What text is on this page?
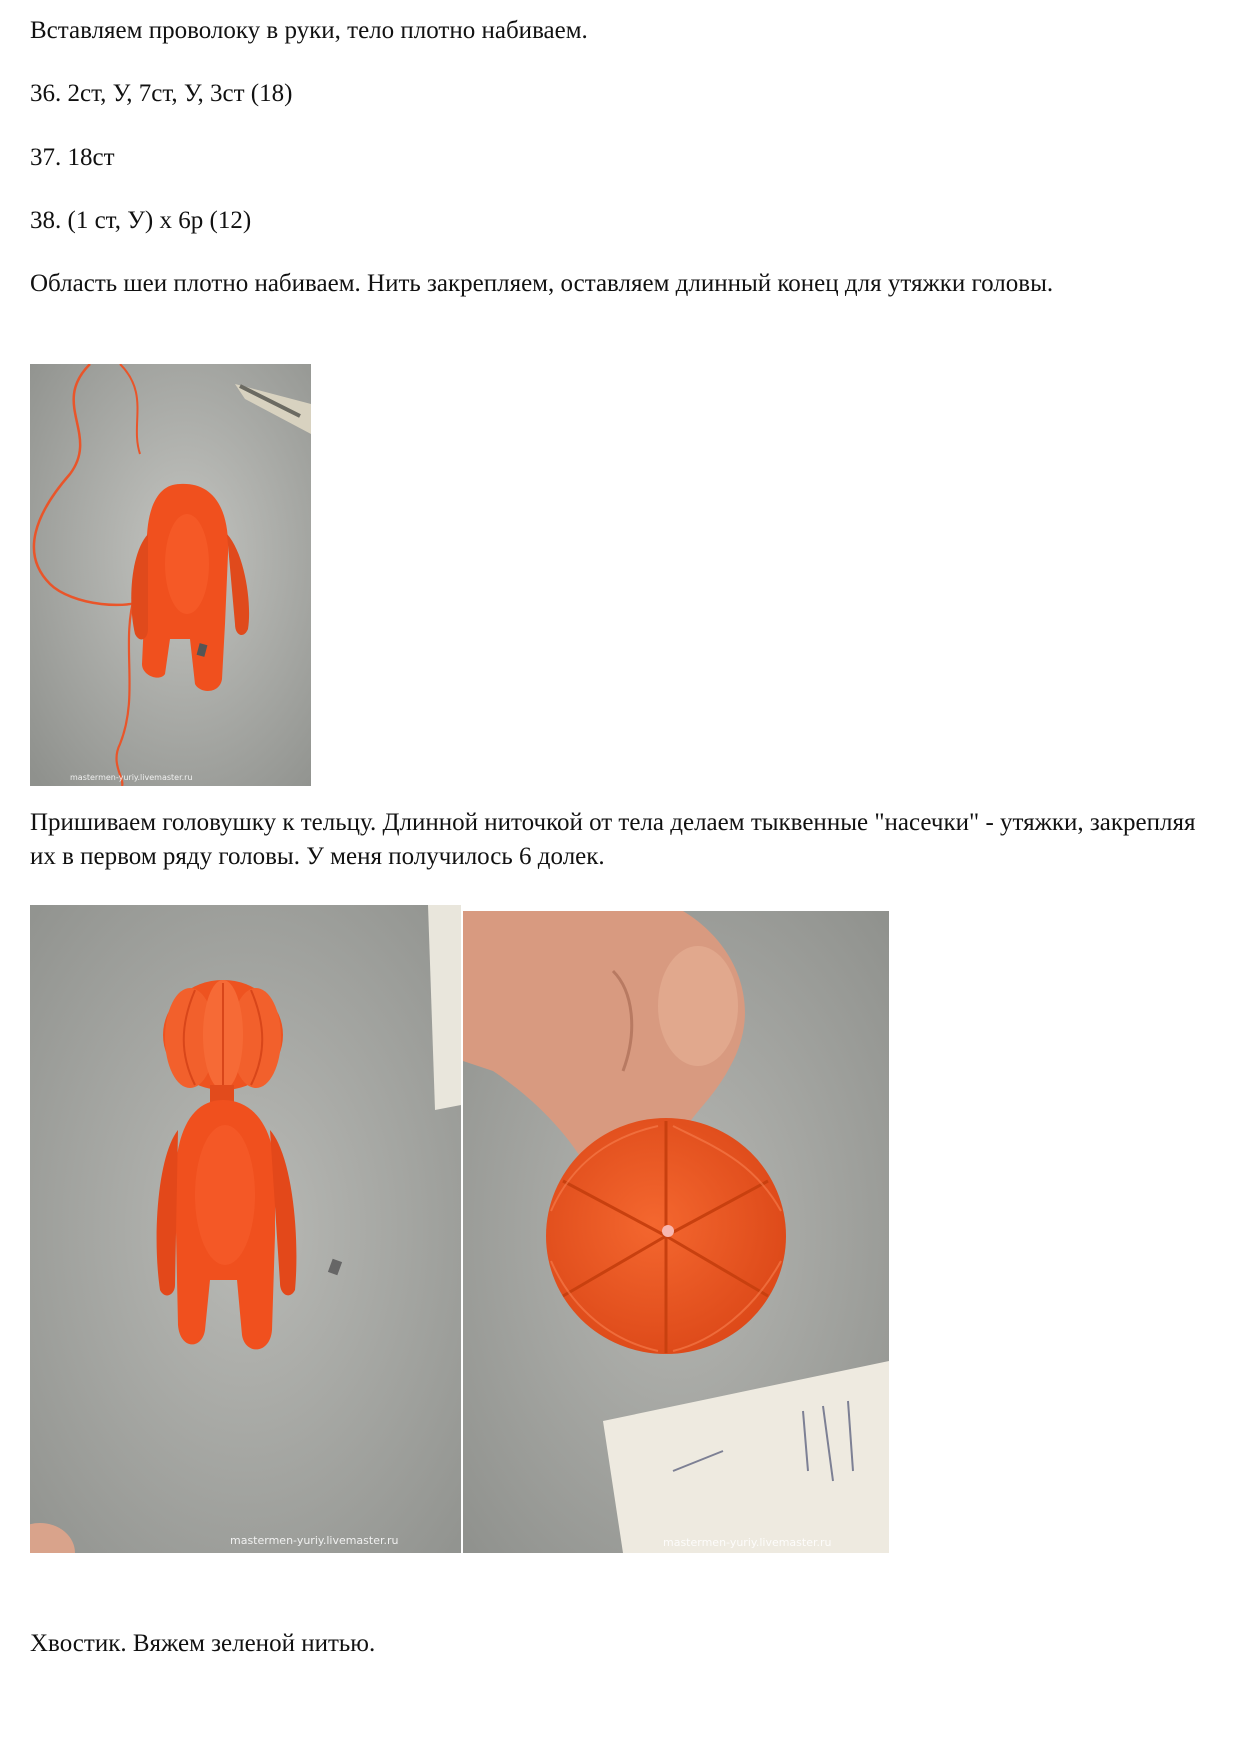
Вставляем проволоку в руки, тело плотно набиваем.

36. 2ст, У, 7ст, У, 3ст (18)

37. 18ст

38. (1 ст, У) х 6р (12)

Область шеи плотно набиваем. Нить закрепляем, оставляем длинный конец для утяжки головы.

mastermen-yuriy.livemaster.ru

Пришиваем головушку к тельцу. Длинной ниточкой от тела делаем тыквенные "насечки" - утяжки, закрепляя их в первом ряду головы. У меня получилось 6 долек.

mastermen-yuriy.livemaster.ru	mastermen-yuriy.livemaster.ru

Хвостик. Вяжем зеленой нитью.
